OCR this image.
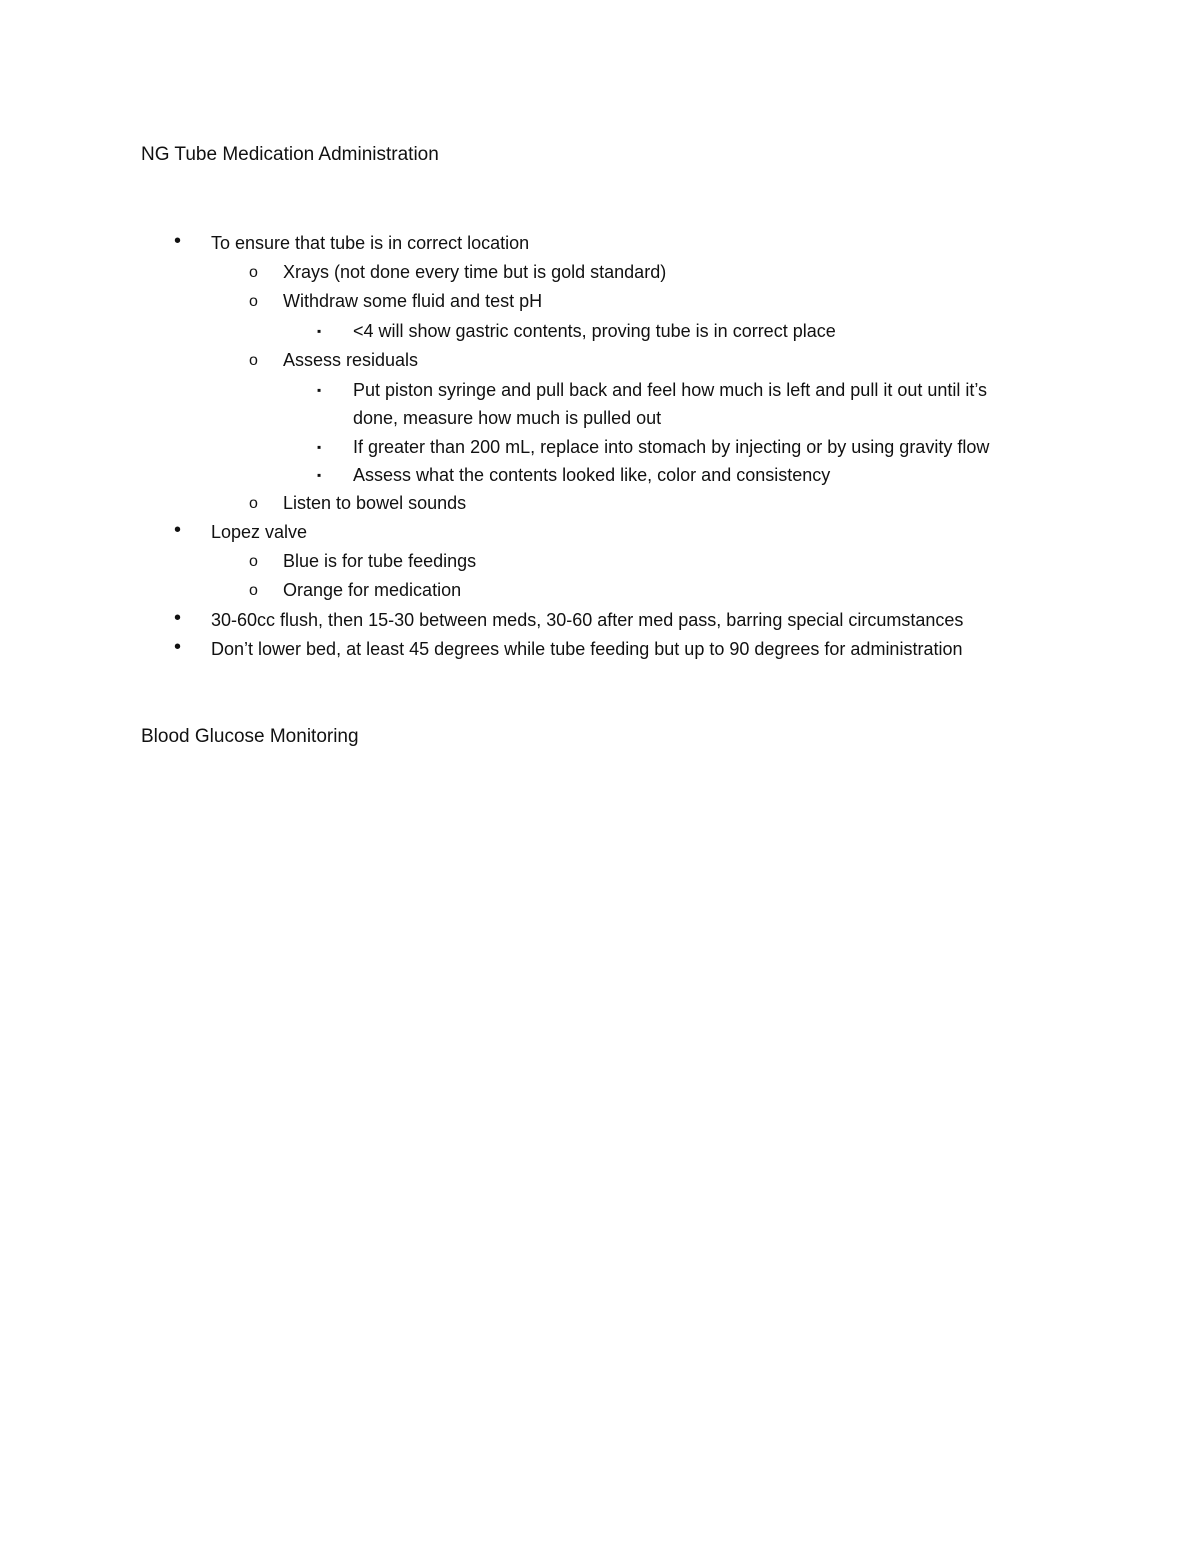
NG Tube Medication Administration
• To ensure that tube is in correct location
o Xrays (not done every time but is gold standard)
o Withdraw some fluid and test pH
▪ <4 will show gastric contents, proving tube is in correct place
o Assess residuals
▪ Put piston syringe and pull back and feel how much is left and pull it out until it’s
done, measure how much is pulled out
▪ If greater than 200 mL, replace into stomach by injecting or by using gravity flow
▪ Assess what the contents looked like, color and consistency
o Listen to bowel sounds
• Lopez valve
o Blue is for tube feedings
o Orange for medication
• 30-60cc flush, then 15-30 between meds, 30-60 after med pass, barring special circumstances
• Don’t lower bed, at least 45 degrees while tube feeding but up to 90 degrees for administration
Blood Glucose Monitoring
